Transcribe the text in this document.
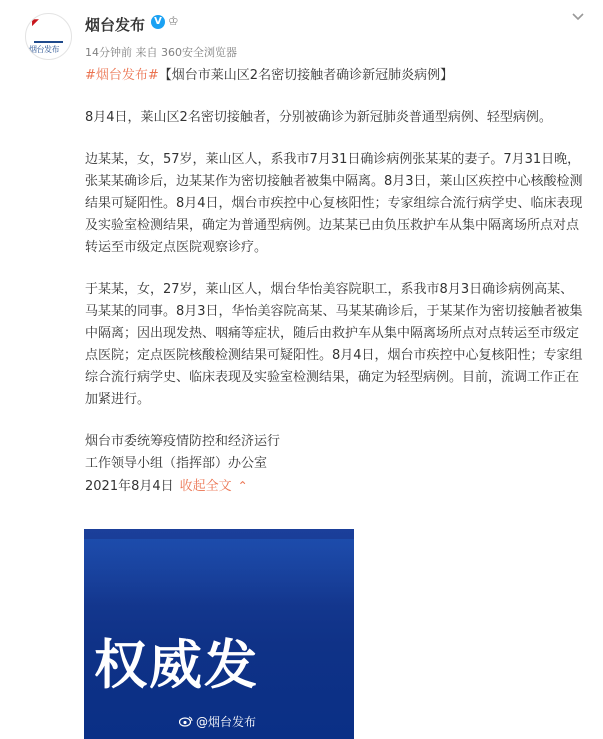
◤
烟台发布
烟台发布 V ♔
14分钟前 来自 360安全浏览器

#烟台发布#【烟台市莱山区2名密切接触者确诊新冠肺炎病例】

8月4日，莱山区2名密切接触者，分别被确诊为新冠肺炎普通型病例、轻型病例。

边某某，女，57岁，莱山区人，系我市7月31日确诊病例张某某的妻子。7月31日晚，张某某确诊后，边某某作为密切接触者被集中隔离。8月3日，莱山区疾控中心核酸检测结果可疑阳性。8月4日，烟台市疾控中心复核阳性；专家组综合流行病学史、临床表现及实验室检测结果，确定为普通型病例。边某某已由负压救护车从集中隔离场所点对点转运至市级定点医院观察诊疗。

于某某，女，27岁，莱山区人，烟台华怡美容院职工，系我市8月3日确诊病例高某、马某某的同事。8月3日，华怡美容院高某、马某某确诊后，于某某作为密切接触者被集中隔离；因出现发热、咽痛等症状，随后由救护车从集中隔离场所点对点转运至市级定点医院；定点医院核酸检测结果可疑阳性。8月4日，烟台市疾控中心复核阳性；专家组综合流行病学史、临床表现及实验室检测结果，确定为轻型病例。目前，流调工作正在加紧进行。

烟台市委统筹疫情防控和经济运行

工作领导小组（指挥部）办公室

2021年8月4日 收起全文 ⌃

权威发
@烟台发布
